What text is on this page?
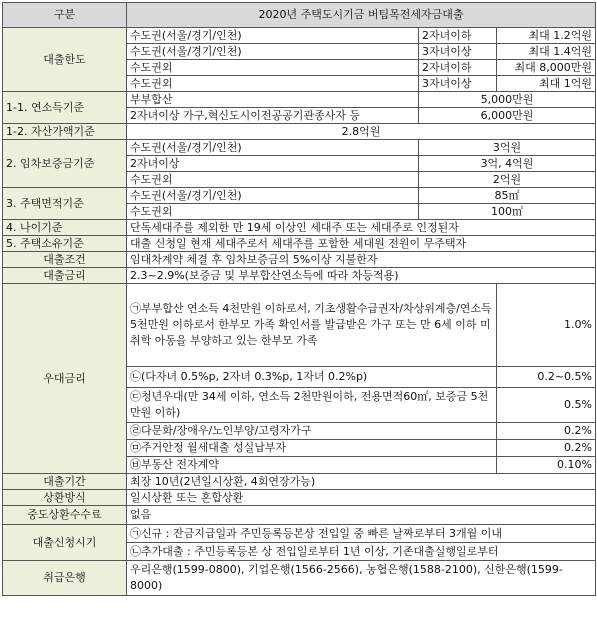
구분	2020년 주택도시기금 버팀목전세자금대출		
대출한도	수도권(서울/경기/인천)	2자녀이하	최대 1.2억원
	수도권(서울/경기/인천)	3자녀이상	최대 1.4억원
	수도권외	2자녀이하	최대 8,000만원
	수도권외	3자녀이상	최대 1억원
1-1. 연소득기준	부부합산	5,000만원	
	2자녀이상 가구,혁신도시이전공공기관종사자 등	6,000만원	
1-2. 자산가액기준	2.8억원		
2. 임차보증금기준	수도권(서울/경기/인천)	3억원	
	2자녀이상	3억, 4억원	
	수도권외	2억원	
3. 주택면적기준	수도권(서울/경기/인천)	85㎡	
	수도권외	100㎡	
4. 나이기준	단독세대주를 제외한 만 19세 이상인 세대주 또는 세대주로 인정된자		
5. 주택소유기준	대출 신청일 현재 세대주로서 세대주를 포함한 세대원 전원이 무주택자		
대출조건	임대차계약 체결 후 임차보증금의 5%이상 지불한자		
대출금리	2.3~2.9%(보증금 및 부부합산연소득에 따라 차등적용)		
우대금리	㉠부부합산 연소득 4천만원 이하로서, 기초생활수급권자/차상위계층/연소득 5천만원 이하로서 한부모 가족 확인서를 발급받은 가구 또는 만 6세 이하 미취학 아동을 부양하고 있는 한부모 가족		1.0%
	㉡(다자녀 0.5%p, 2자녀 0.3%p, 1자녀 0.2%p)		0.2~0.5%
	㉢청년우대(만 34세 이하, 연소득 2천만원이하, 전용면적60㎡, 보증금 5천만원 이하)		0.5%
	㉣다문화/장애우/노인부양/고령자가구		0.2%
	㉤주거안정 월세대출 성실납부자		0.2%
	㉥부동산 전자계약		0.10%
대출기간	최장 10년(2년일시상환, 4회연장가능)		
상환방식	일시상환 또는 혼합상환		
중도상환수수료	없음		
대출신청시기	㉠신규 : 잔금지급일과 주민등록등본상 전입일 중 빠른 날짜로부터 3개월 이내		
	㉡추가대출 : 주민등록등본 상 전입일로부터 1년 이상, 기존대출실행일로부터		
취급은행	우리은행(1599-0800), 기업은행(1566-2566), 농협은행(1588-2100), 신한은행(1599-8000)		
